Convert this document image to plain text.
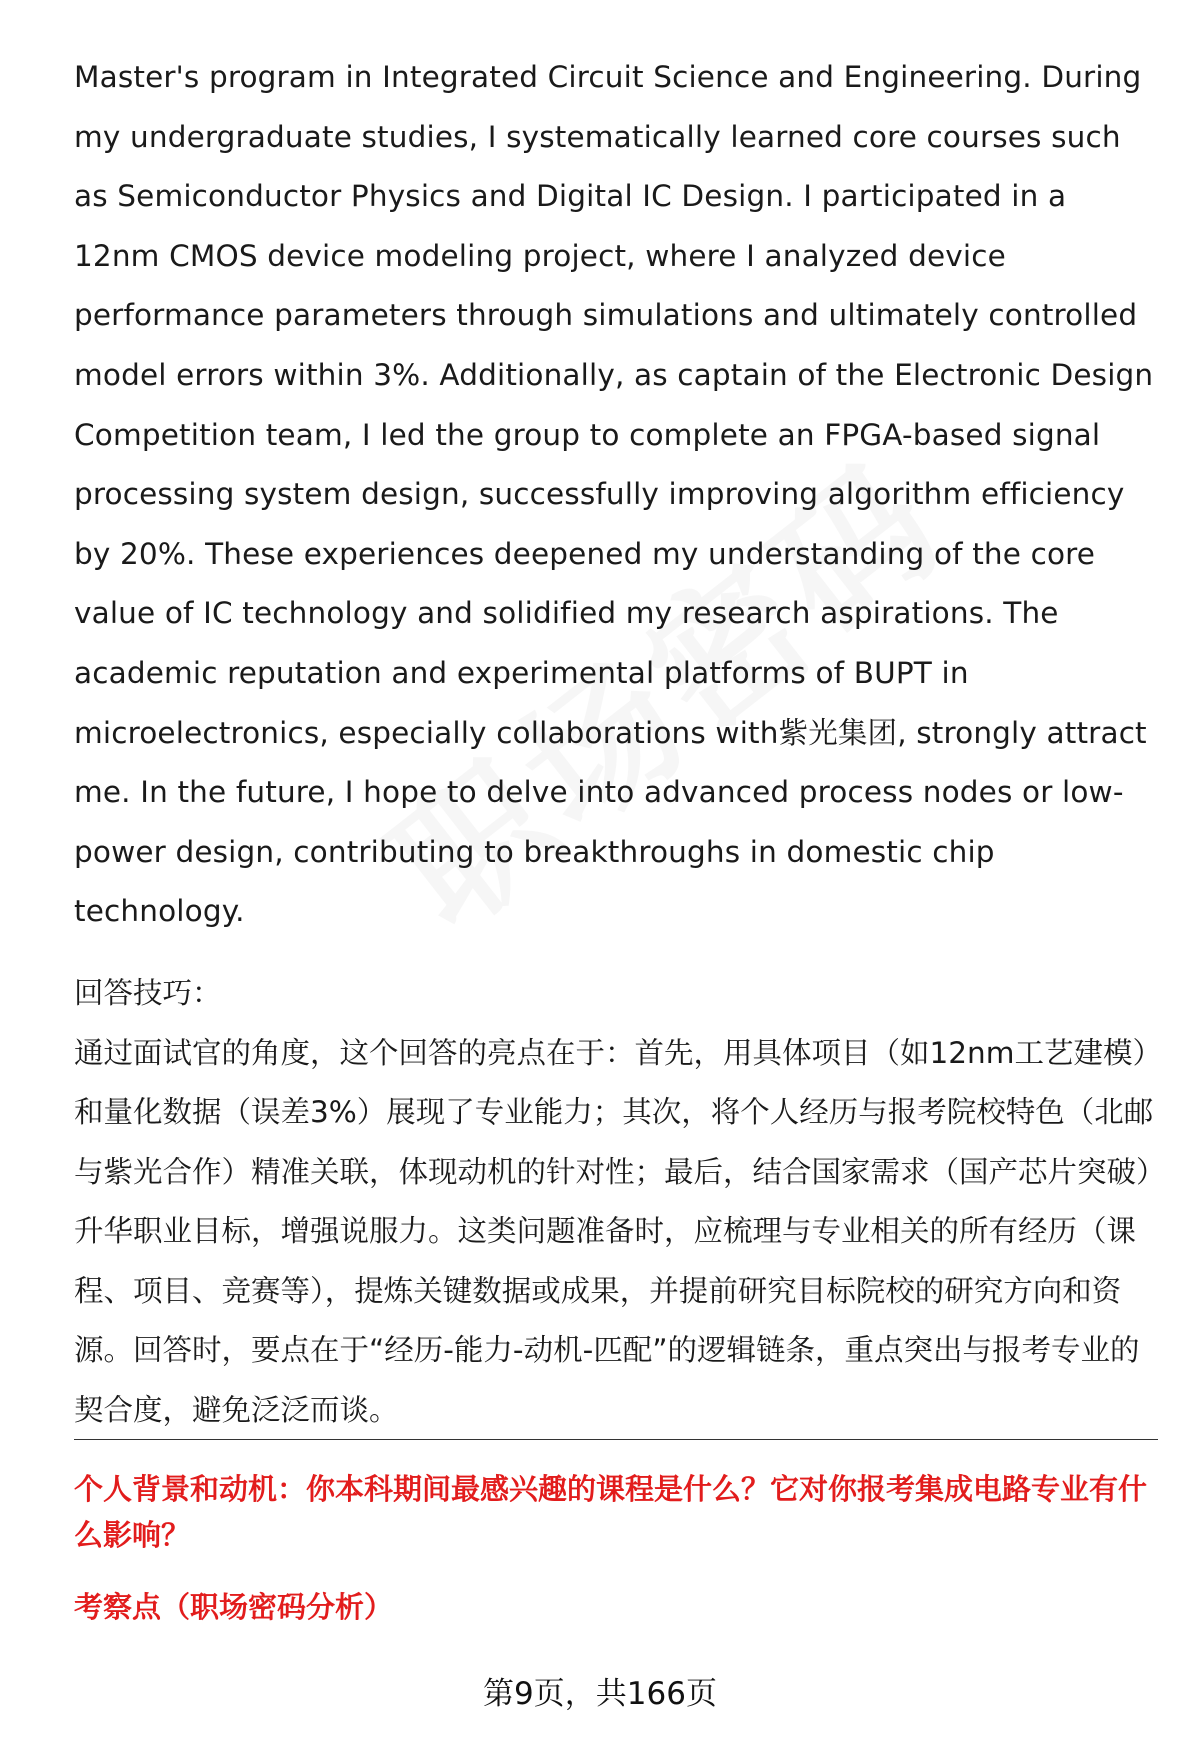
Master's program in Integrated Circuit Science and Engineering. During my undergraduate studies, I systematically learned core courses such as Semiconductor Physics and Digital IC Design. I participated in a 12nm CMOS device modeling project, where I analyzed device performance parameters through simulations and ultimately controlled model errors within 3%. Additionally, as captain of the Electronic Design Competition team, I led the group to complete an FPGA-based signal processing system design, successfully improving algorithm efficiency by 20%. These experiences deepened my understanding of the core value of IC technology and solidified my research aspirations. The academic reputation and experimental platforms of BUPT in microelectronics, especially collaborations with紫光集团, strongly attract me. In the future, I hope to delve into advanced process nodes or low-power design, contributing to breakthroughs in domestic chip technology.

回答技巧：

通过面试官的角度，这个回答的亮点在于：首先，用具体项目（如12nm工艺建模）和量化数据（误差3%）展现了专业能力；其次，将个人经历与报考院校特色（北邮与紫光合作）精准关联，体现动机的针对性；最后，结合国家需求（国产芯片突破）升华职业目标，增强说服力。这类问题准备时，应梳理与专业相关的所有经历（课程、项目、竞赛等），提炼关键数据或成果，并提前研究目标院校的研究方向和资源。回答时，要点在于“经历-能力-动机-匹配”的逻辑链条，重点突出与报考专业的契合度，避免泛泛而谈。

个人背景和动机：你本科期间最感兴趣的课程是什么？它对你报考集成电路专业有什么影响？

考察点（职场密码分析）

第9页，共166页
